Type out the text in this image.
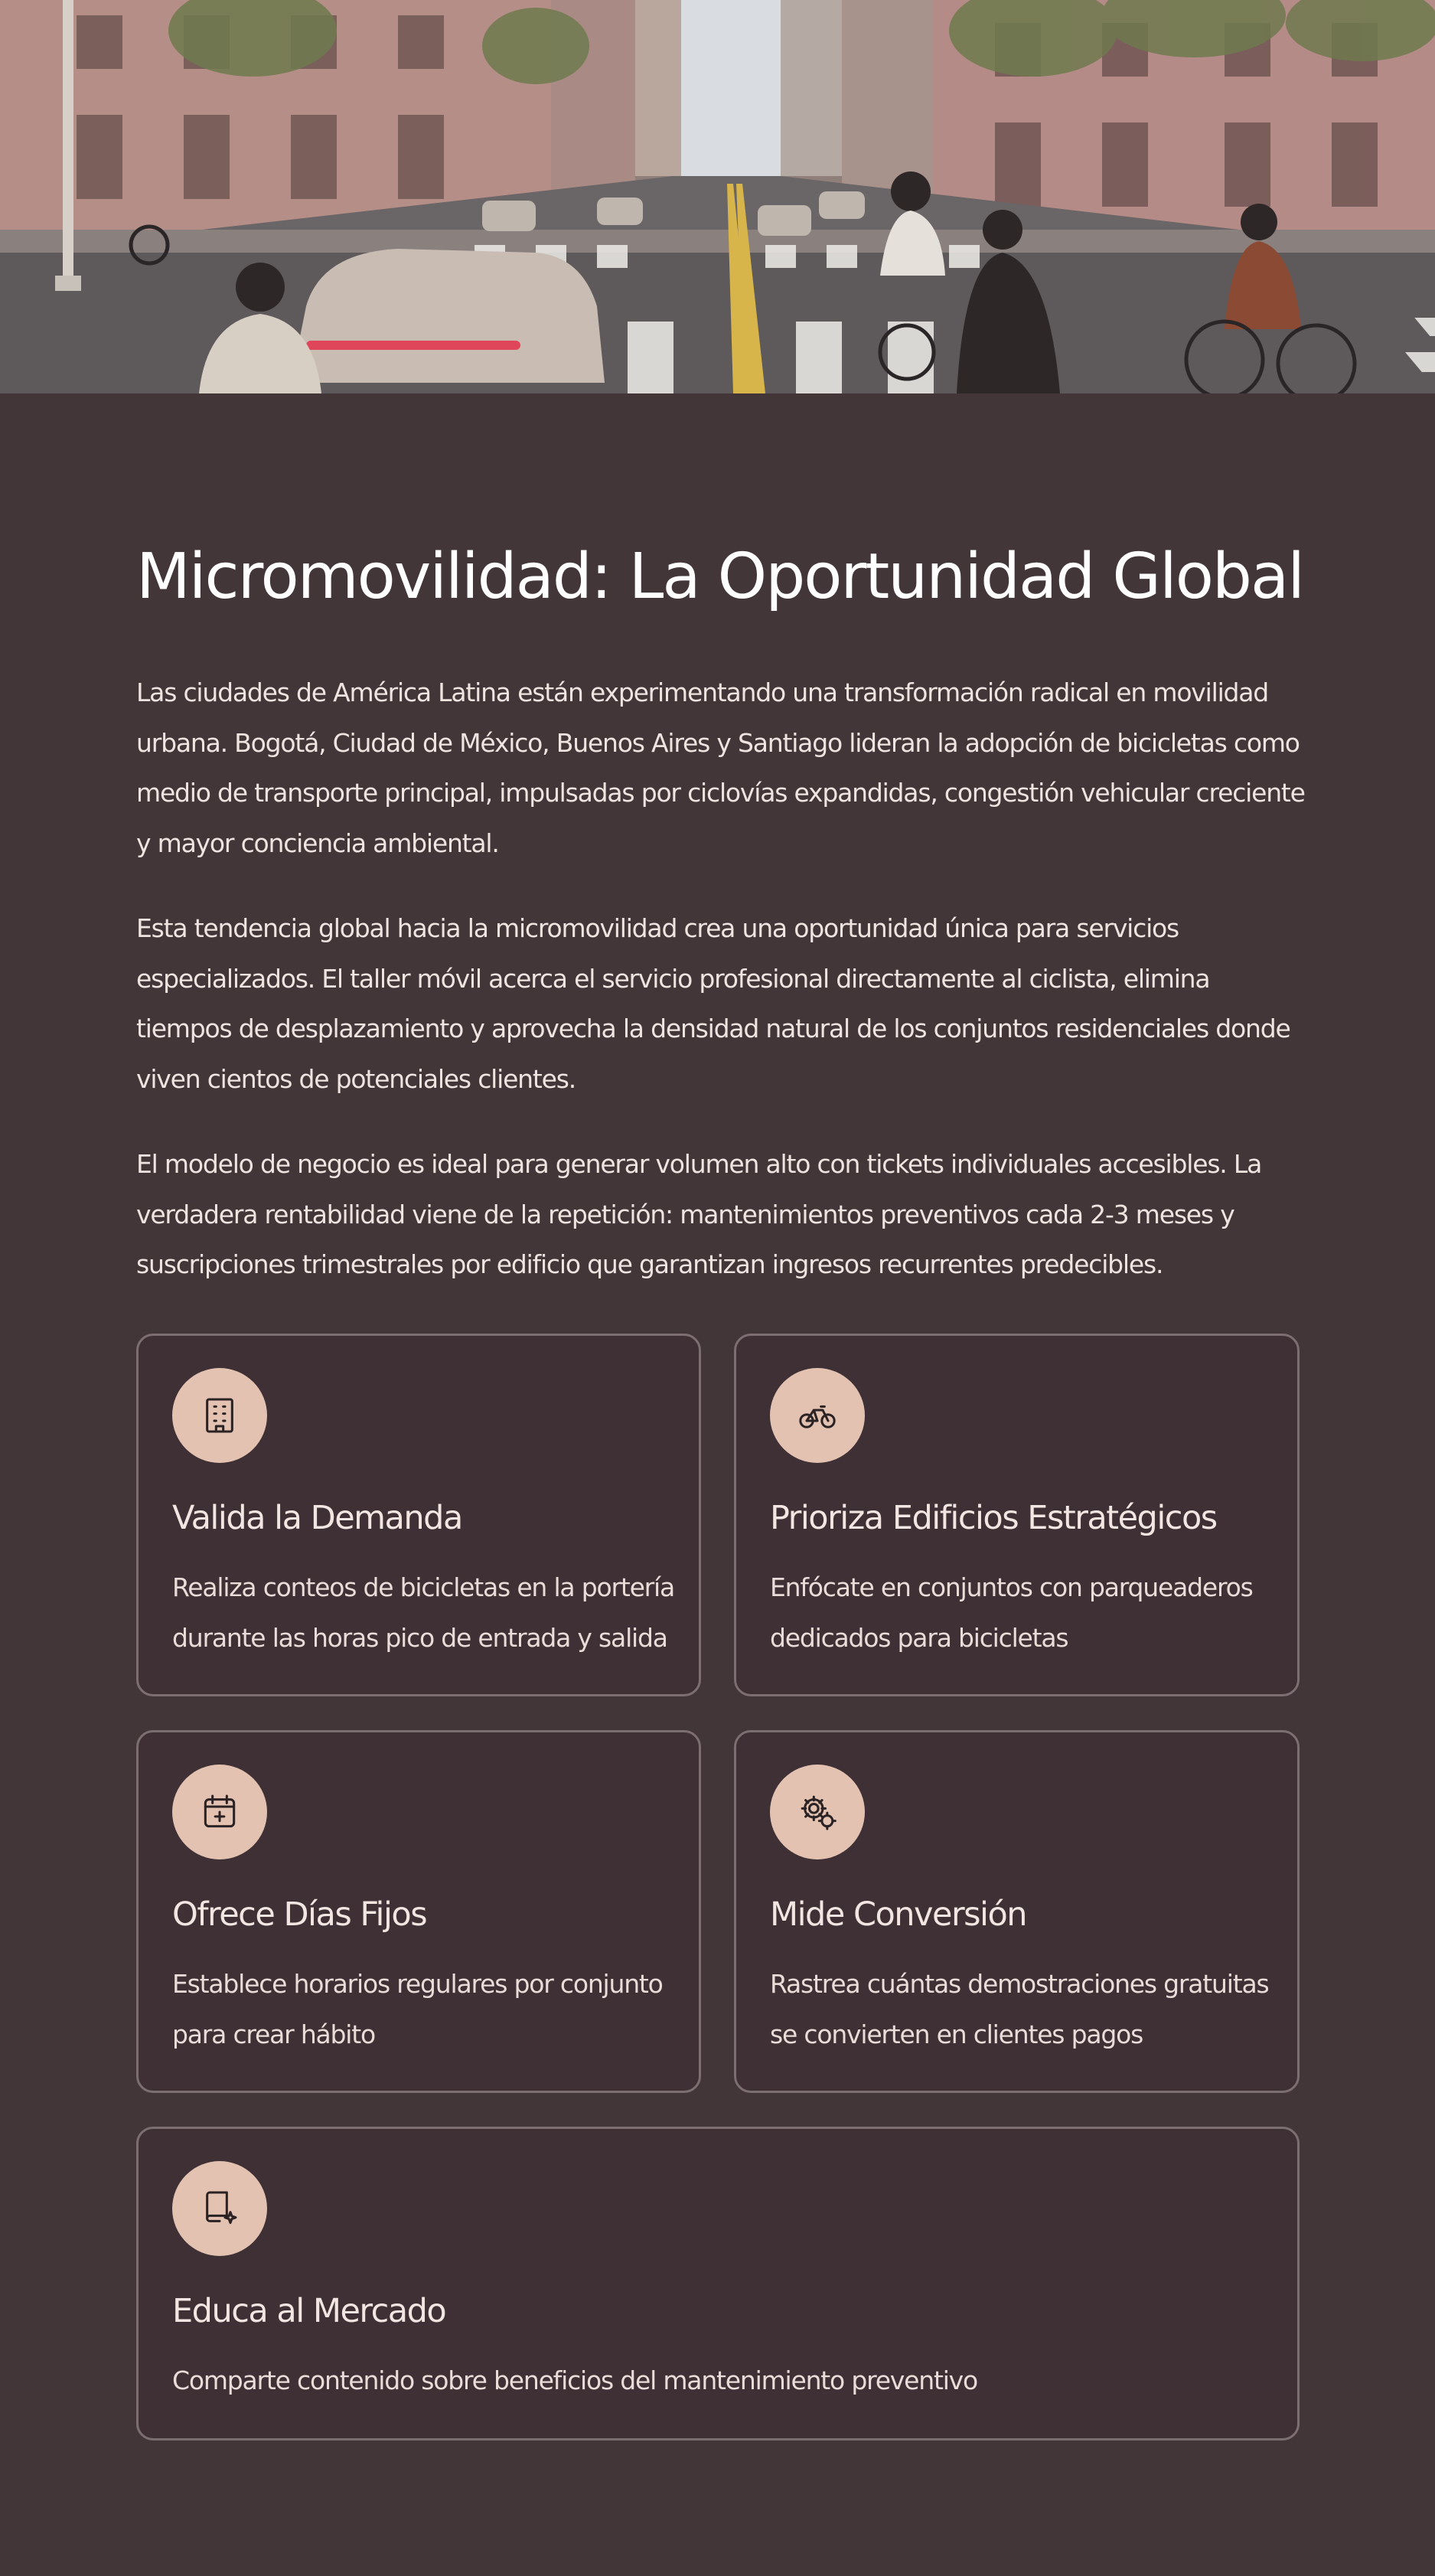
Micromovilidad: La Oportunidad Global

Las ciudades de América Latina están experimentando una transformación radical en movilidad urbana. Bogotá, Ciudad de México, Buenos Aires y Santiago lideran la adopción de bicicletas como medio de transporte principal, impulsadas por ciclovías expandidas, congestión vehicular creciente y mayor conciencia ambiental.

Esta tendencia global hacia la micromovilidad crea una oportunidad única para servicios especializados. El taller móvil acerca el servicio profesional directamente al ciclista, elimina tiempos de desplazamiento y aprovecha la densidad natural de los conjuntos residenciales donde viven cientos de potenciales clientes.

El modelo de negocio es ideal para generar volumen alto con tickets individuales accesibles. La verdadera rentabilidad viene de la repetición: mantenimientos preventivos cada 2-3 meses y suscripciones trimestrales por edificio que garantizan ingresos recurrentes predecibles.

Valida la Demanda
Realiza conteos de bicicletas en la portería durante las horas pico de entrada y salida
Prioriza Edificios Estratégicos
Enfócate en conjuntos con parqueaderos dedicados para bicicletas
Ofrece Días Fijos
Establece horarios regulares por conjunto para crear hábito
Mide Conversión
Rastrea cuántas demostraciones gratuitas se convierten en clientes pagos
Educa al Mercado
Comparte contenido sobre beneficios del mantenimiento preventivo
